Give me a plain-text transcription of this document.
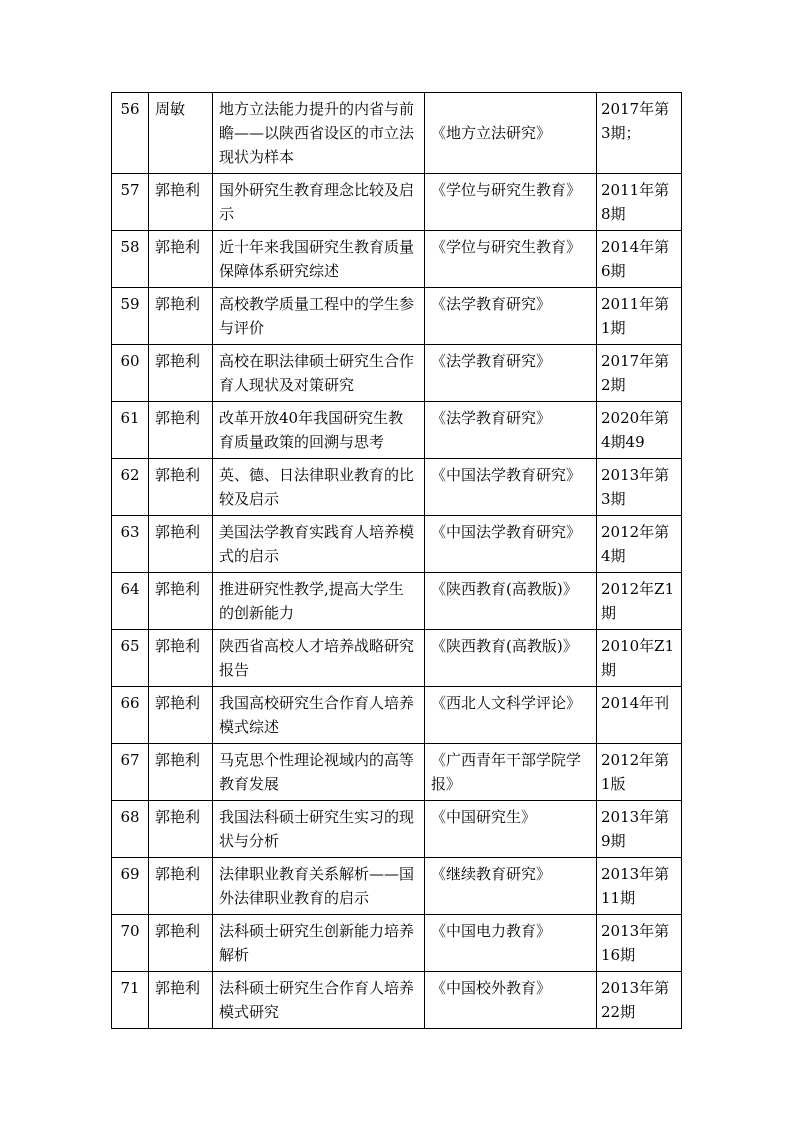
56	周敏	地方立法能力提升的内省与前瞻——以陕西省设区的市立法现状为样本	《地方立法研究》	2017年第3期；
57	郭艳利	国外研究生教育理念比较及启示	《学位与研究生教育》	2011年第8期
58	郭艳利	近十年来我国研究生教育质量保障体系研究综述	《学位与研究生教育》	2014年第6期
59	郭艳利	高校教学质量工程中的学生参与评价	《法学教育研究》	2011年第1期
60	郭艳利	高校在职法律硕士研究生合作育人现状及对策研究	《法学教育研究》	2017年第2期
61	郭艳利	改革开放40年我国研究生教育质量政策的回溯与思考	《法学教育研究》	2020年第4期49
62	郭艳利	英、德、日法律职业教育的比较及启示	《中国法学教育研究》	2013年第3期
63	郭艳利	美国法学教育实践育人培养模式的启示	《中国法学教育研究》	2012年第4期
64	郭艳利	推进研究性教学,提高大学生的创新能力	《陕西教育(高教版)》	2012年Z1期
65	郭艳利	陕西省高校人才培养战略研究报告	《陕西教育(高教版)》	2010年Z1期
66	郭艳利	我国高校研究生合作育人培养模式综述	《西北人文科学评论》	2014年刊
67	郭艳利	马克思个性理论视域内的高等教育发展	《广西青年干部学院学报》	2012年第1版
68	郭艳利	我国法科硕士研究生实习的现状与分析	《中国研究生》	2013年第9期
69	郭艳利	法律职业教育关系解析——国外法律职业教育的启示	《继续教育研究》	2013年第11期
70	郭艳利	法科硕士研究生创新能力培养解析	《中国电力教育》	2013年第16期
71	郭艳利	法科硕士研究生合作育人培养模式研究	《中国校外教育》	2013年第22期
